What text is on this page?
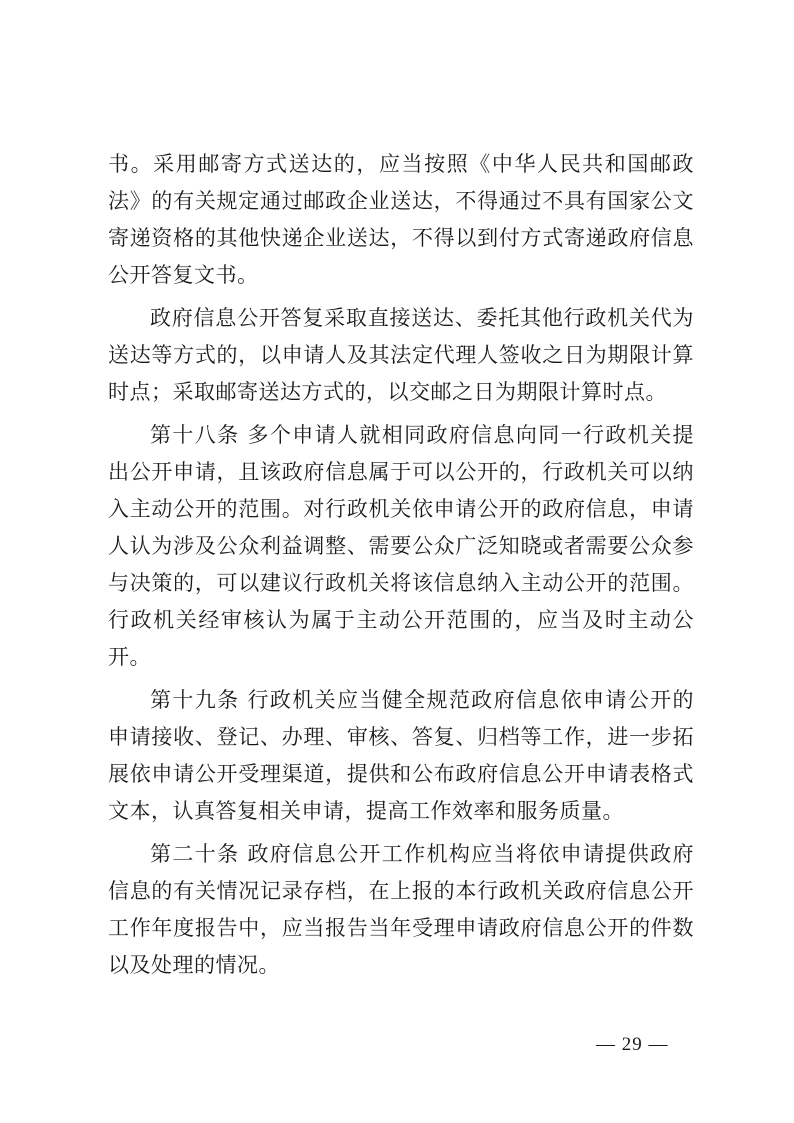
书。采用邮寄方式送达的，应当按照《中华人民共和国邮政法》的有关规定通过邮政企业送达，不得通过不具有国家公文寄递资格的其他快递企业送达，不得以到付方式寄递政府信息公开答复文书。

政府信息公开答复采取直接送达、委托其他行政机关代为送达等方式的，以申请人及其法定代理人签收之日为期限计算时点；采取邮寄送达方式的，以交邮之日为期限计算时点。

第十八条 多个申请人就相同政府信息向同一行政机关提出公开申请，且该政府信息属于可以公开的，行政机关可以纳入主动公开的范围。对行政机关依申请公开的政府信息，申请人认为涉及公众利益调整、需要公众广泛知晓或者需要公众参与决策的，可以建议行政机关将该信息纳入主动公开的范围。行政机关经审核认为属于主动公开范围的，应当及时主动公开。

第十九条 行政机关应当健全规范政府信息依申请公开的申请接收、登记、办理、审核、答复、归档等工作，进一步拓展依申请公开受理渠道，提供和公布政府信息公开申请表格式文本，认真答复相关申请，提高工作效率和服务质量。

第二十条 政府信息公开工作机构应当将依申请提供政府信息的有关情况记录存档，在上报的本行政机关政府信息公开工作年度报告中，应当报告当年受理申请政府信息公开的件数以及处理的情况。

— 29 —
